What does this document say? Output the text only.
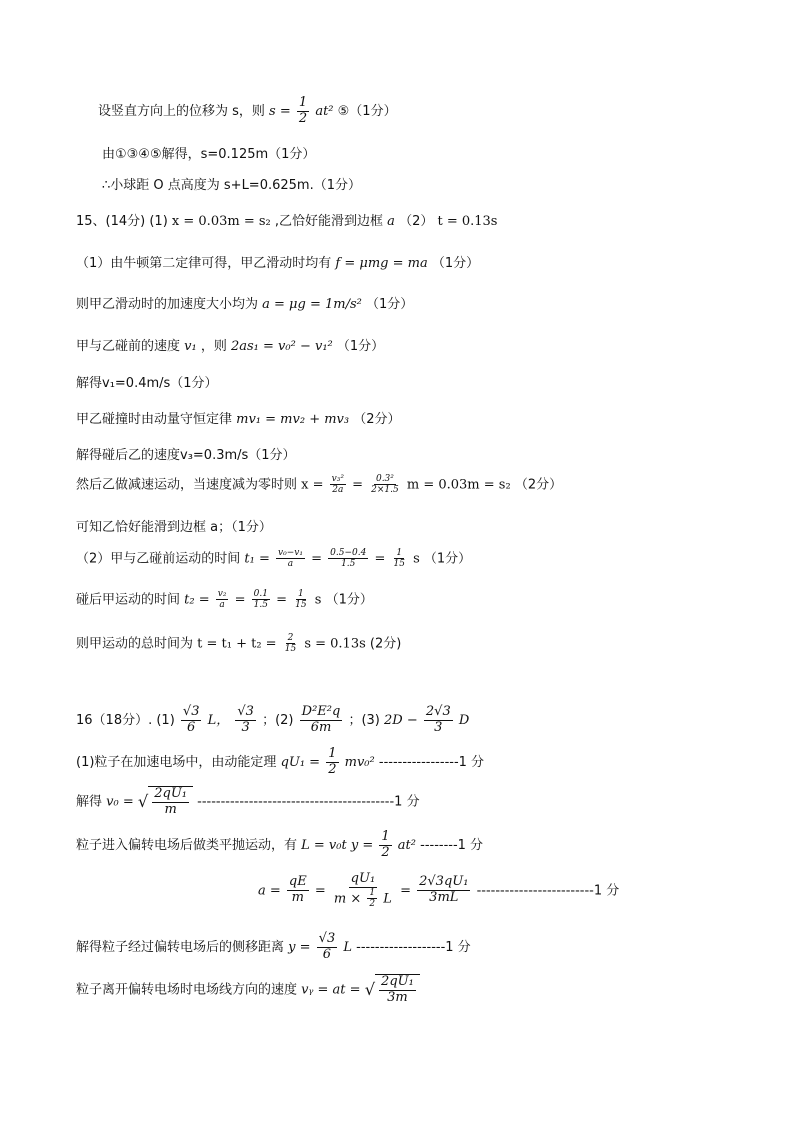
设竖直方向上的位移为 s，则 $s = \frac{1}{2} at^2$ ⑤（1分）
由①③④⑤解得，s=0.125m（1分）
∴小球距 O 点高度为 s+L=0.625m.（1分）
15、(14分) (1) x = 0.03m = s₂ ,乙恰好能滑到边框 a （2） t = 0.13s
（1）由牛顿第二定律可得，甲乙滑动时均有 f = μmg = ma （1分）
则甲乙滑动时的加速度大小均为 a = μg = 1m/s² （1分）
甲与乙碰前的速度 v₁ ，则 2as₁ = v₀² − v₁² （1分）
解得v₁=0.4m/s（1分）
甲乙碰撞时由动量守恒定律 mv₁ = mv₂ + mv₃ （2分）
解得碰后乙的速度v₃=0.3m/s（1分）
然后乙做减速运动，当速度减为零时则 $x = \frac{\text{v₃²}}{2a} = \frac{\text{0.3²}}{2\times 1.5}$ m = 0.03m = s₂ （2分）
可知乙恰好能滑到边框 a；（1分）
（2）甲与乙碰前运动的时间 $t_1 = \frac{\text{v₀−v₁}}{a} = \frac{0.5-0.4}{1.5} = \frac{1}{15}$ s （1分）
碰后甲运动的时间 $t_2 = \frac{\text{v₂}}{a} = \frac{0.1}{1.5} = \frac{1}{15}$ s （1分）
则甲运动的总时间为 $t = t_1 + t_2 = \frac{2}{15}$ s = 0.13s (2分)
16（18分）. $(1) \frac{√3}{6}$ L， $\frac{√3}{3}$ ；$(2) \frac{\text{D²E²q}}{6m}$ ；(3) $2D - \frac{2√3}{3}$ D
(1)粒子在加速电场中，由动能定理 $qU_1 = \frac{1}{2} mv_0^2$ -----------------1 分
解得 v₀ = √ $\frac{\text{2qU₁}}{m} ------------------------------------------1$ 分
粒子进入偏转电场后做类平抛运动，有 L = v₀t $y = \frac{1}{2} at^2$ --------1 分
$a = \frac{qE}{m} = \frac{\text{qU₁}}{m \times \frac{1}{2} L} = \frac{\text{2√3qU₁}}{3mL} -------------------------1$ 分
解得粒子经过偏转电场后的侧移距离 $y = \frac{√3}{6}$ L -------------------1 分
粒子离开偏转电场时电场线方向的速度 vᵧ = at = √ $\frac{\text{2qU₁}}{3m}$
